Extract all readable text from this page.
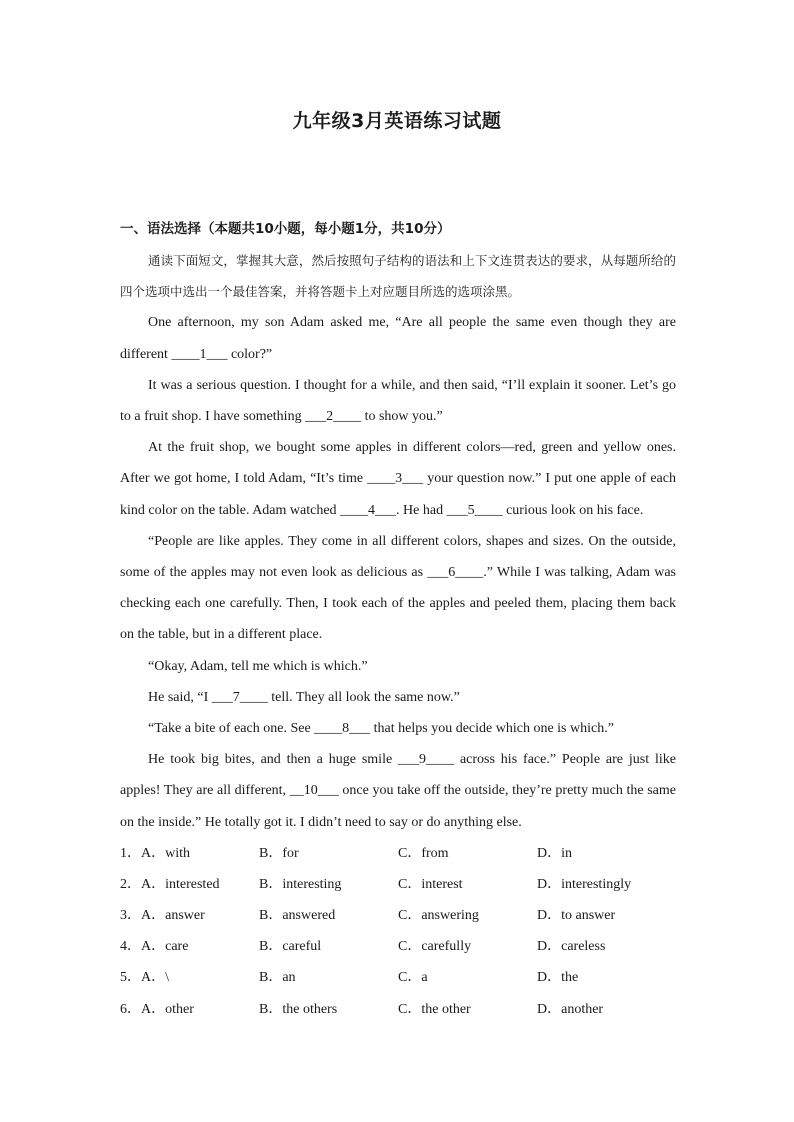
九年级3月英语练习试题
一、语法选择（本题共10小题，每小题1分，共10分）

通读下面短文，掌握其大意，然后按照句子结构的语法和上下文连贯表达的要求，从每题所给的四个选项中选出一个最佳答案，并将答题卡上对应题目所选的选项涂黑。

One afternoon, my son Adam asked me, “Are all people the same even though they are different ____1___ color?”

It was a serious question. I thought for a while, and then said, “I’ll explain it sooner. Let’s go to a fruit shop. I have something ___2____ to show you.”

At the fruit shop, we bought some apples in different colors—red, green and yellow ones. After we got home, I told Adam, “It’s time ____3___ your question now.” I put one apple of each kind color on the table. Adam watched ____4___. He had ___5____ curious look on his face.

“People are like apples. They come in all different colors, shapes and sizes. On the outside, some of the apples may not even look as delicious as ___6____.” While I was talking, Adam was checking each one carefully. Then, I took each of the apples and peeled them, placing them back on the table, but in a different place.

“Okay, Adam, tell me which is which.”

He said, “I ___7____ tell. They all look the same now.”

“Take a bite of each one. See ____8___ that helps you decide which one is which.”

He took big bites, and then a huge smile ___9____ across his face.” People are just like apples! They are all different, __10___ once you take off the outside, they’re pretty much the same on the inside.” He totally got it. I didn’t need to say or do anything else.

1．A．with	B．for	C．from	D．in
2．A．interested	B．interesting	C．interest	D．interestingly
3．A．answer	B．answered	C．answering	D．to answer
4．A．care	B．careful	C．carefully	D．careless
5．A．\	B．an	C．a	D．the
6．A．other	B．the others	C．the other	D．another
